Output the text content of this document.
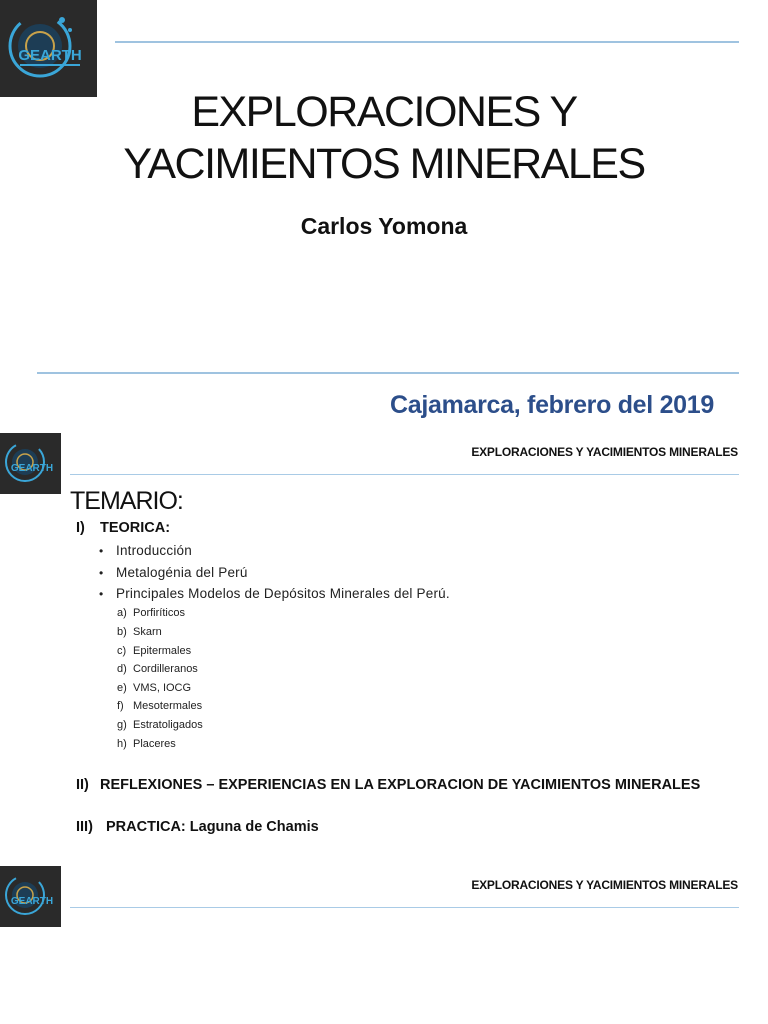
GEARTH
EXPLORACIONES Y
YACIMIENTOS MINERALES
Carlos Yomona
Cajamarca, febrero del 2019
GEARTH
EXPLORACIONES Y YACIMIENTOS MINERALES
TEMARIO:
I) TEORICA:
• Introducción
• Metalogénia del Perú
• Principales Modelos de Depósitos Minerales del Perú.
a) Porfiríticos
b) Skarn
c) Epitermales
d) Cordilleranos
e) VMS, IOCG
f) Mesotermales
g) Estratoligados
h) Placeres
II) REFLEXIONES – EXPERIENCIAS EN LA EXPLORACION DE YACIMIENTOS MINERALES
III) PRACTICA: Laguna de Chamis
GEARTH
EXPLORACIONES Y YACIMIENTOS MINERALES
